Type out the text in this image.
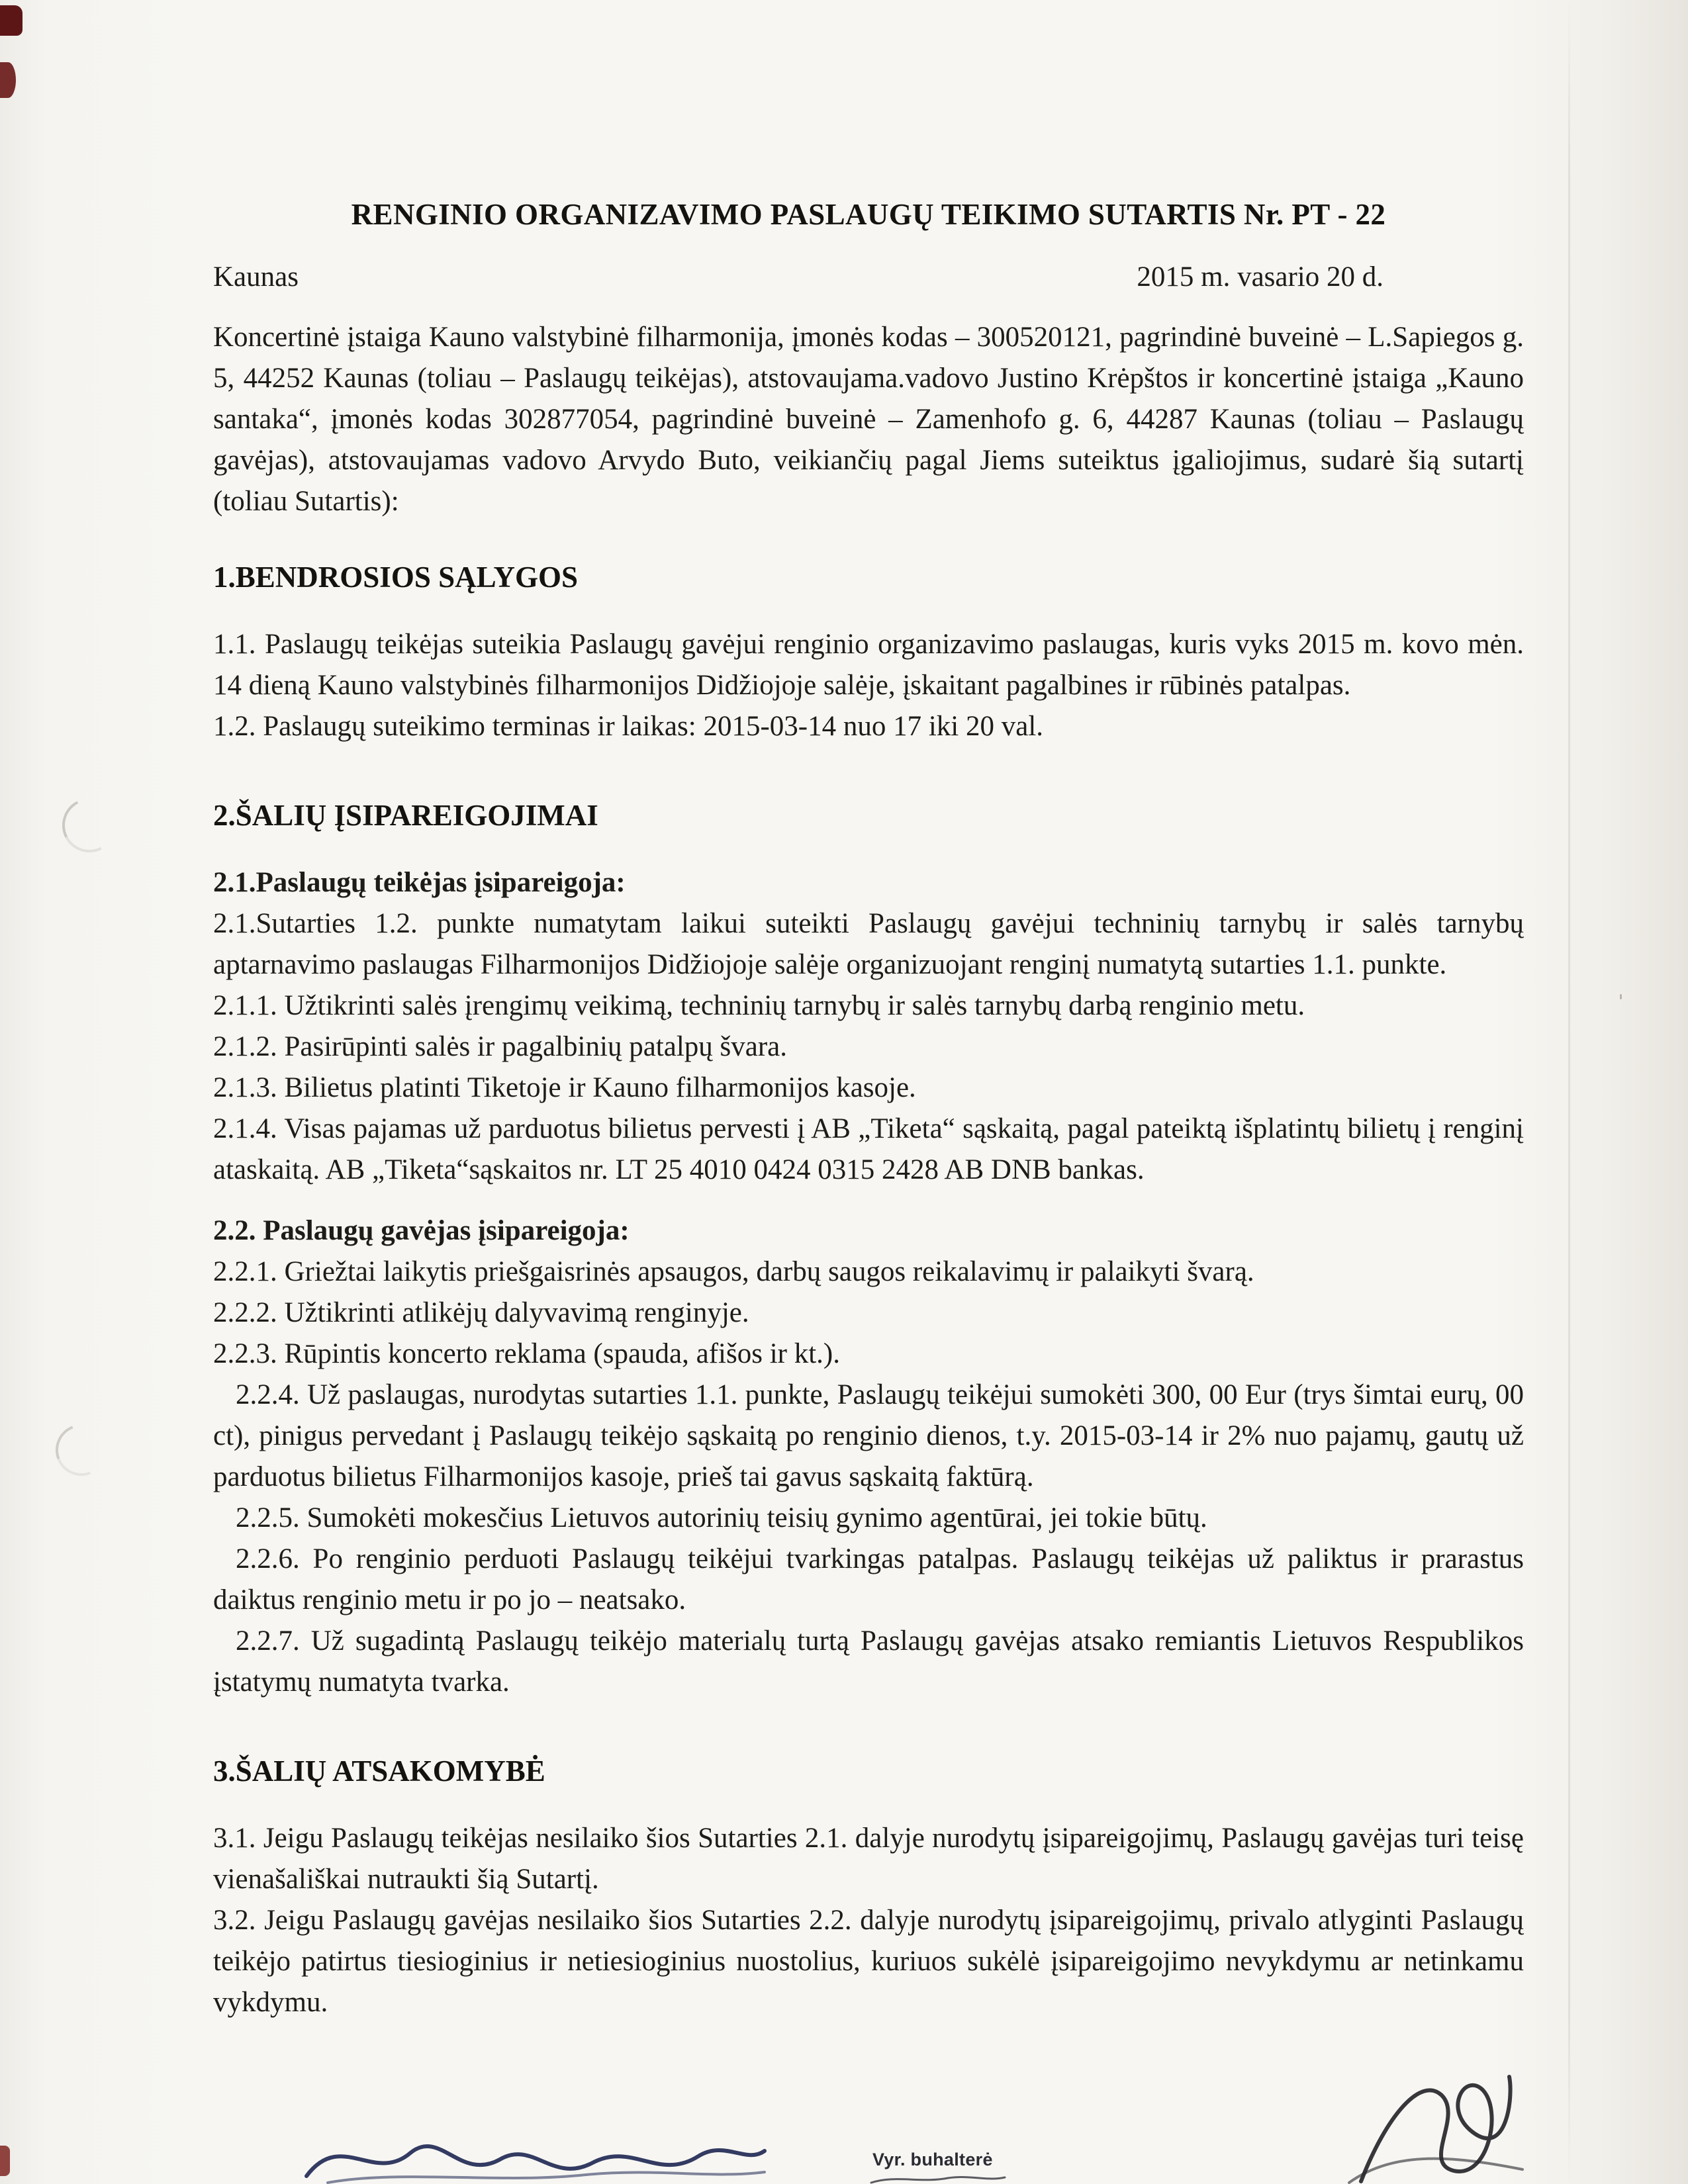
RENGINIO ORGANIZAVIMO PASLAUGŲ TEIKIMO SUTARTIS Nr. PT - 22
Kaunas	2015 m. vasario 20 d.

Koncertinė įstaiga Kauno valstybinė filharmonija, įmonės kodas – 300520121, pagrindinė buveinė – L.Sapiegos g. 5, 44252 Kaunas (toliau – Paslaugų teikėjas), atstovaujama.vadovo Justino Krėpštos ir koncertinė įstaiga „Kauno santaka“, įmonės kodas 302877054, pagrindinė buveinė – Zamenhofo g. 6, 44287 Kaunas (toliau – Paslaugų gavėjas), atstovaujamas vadovo Arvydo Buto, veikiančių pagal Jiems suteiktus įgaliojimus, sudarė šią sutartį (toliau Sutartis):

1.BENDROSIOS SĄLYGOS

1.1. Paslaugų teikėjas suteikia Paslaugų gavėjui renginio organizavimo paslaugas, kuris vyks 2015 m. kovo mėn. 14 dieną Kauno valstybinės filharmonijos Didžiojoje salėje, įskaitant pagalbines ir rūbinės patalpas.

1.2. Paslaugų suteikimo terminas ir laikas: 2015-03-14 nuo 17 iki 20 val.

2.ŠALIŲ ĮSIPAREIGOJIMAI

2.1.Paslaugų teikėjas įsipareigoja:

2.1.Sutarties 1.2. punkte numatytam laikui suteikti Paslaugų gavėjui techninių tarnybų ir salės tarnybų aptarnavimo paslaugas Filharmonijos Didžiojoje salėje organizuojant renginį numatytą sutarties 1.1. punkte.

2.1.1. Užtikrinti salės įrengimų veikimą, techninių tarnybų ir salės tarnybų darbą renginio metu.

2.1.2. Pasirūpinti salės ir pagalbinių patalpų švara.

2.1.3. Bilietus platinti Tiketoje ir Kauno filharmonijos kasoje.

2.1.4. Visas pajamas už parduotus bilietus pervesti į AB „Tiketa“ sąskaitą, pagal pateiktą išplatintų bilietų į renginį ataskaitą. AB „Tiketa“sąskaitos nr. LT 25 4010 0424 0315 2428 AB DNB bankas.

2.2. Paslaugų gavėjas įsipareigoja:

2.2.1. Griežtai laikytis priešgaisrinės apsaugos, darbų saugos reikalavimų ir palaikyti švarą.

2.2.2. Užtikrinti atlikėjų dalyvavimą renginyje.

2.2.3. Rūpintis koncerto reklama (spauda, afišos ir kt.).

2.2.4. Už paslaugas, nurodytas sutarties 1.1. punkte, Paslaugų teikėjui sumokėti 300, 00 Eur (trys šimtai eurų, 00 ct), pinigus pervedant į Paslaugų teikėjo sąskaitą po renginio dienos, t.y. 2015-03-14 ir 2% nuo pajamų, gautų už parduotus bilietus Filharmonijos kasoje, prieš tai gavus sąskaitą faktūrą.

2.2.5. Sumokėti mokesčius Lietuvos autorinių teisių gynimo agentūrai, jei tokie būtų.

2.2.6. Po renginio perduoti Paslaugų teikėjui tvarkingas patalpas. Paslaugų teikėjas už paliktus ir prarastus daiktus renginio metu ir po jo – neatsako.

2.2.7. Už sugadintą Paslaugų teikėjo materialų turtą Paslaugų gavėjas atsako remiantis Lietuvos Respublikos įstatymų numatyta tvarka.

3.ŠALIŲ ATSAKOMYBĖ

3.1. Jeigu Paslaugų teikėjas nesilaiko šios Sutarties 2.1. dalyje nurodytų įsipareigojimų, Paslaugų gavėjas turi teisę vienašališkai nutraukti šią Sutartį.

3.2. Jeigu Paslaugų gavėjas nesilaiko šios Sutarties 2.2. dalyje nurodytų įsipareigojimų, privalo atlyginti Paslaugų teikėjo patirtus tiesioginius ir netiesioginius nuostolius, kuriuos sukėlė įsipareigojimo nevykdymu ar netinkamu vykdymu.

Vyr. buhalterė
